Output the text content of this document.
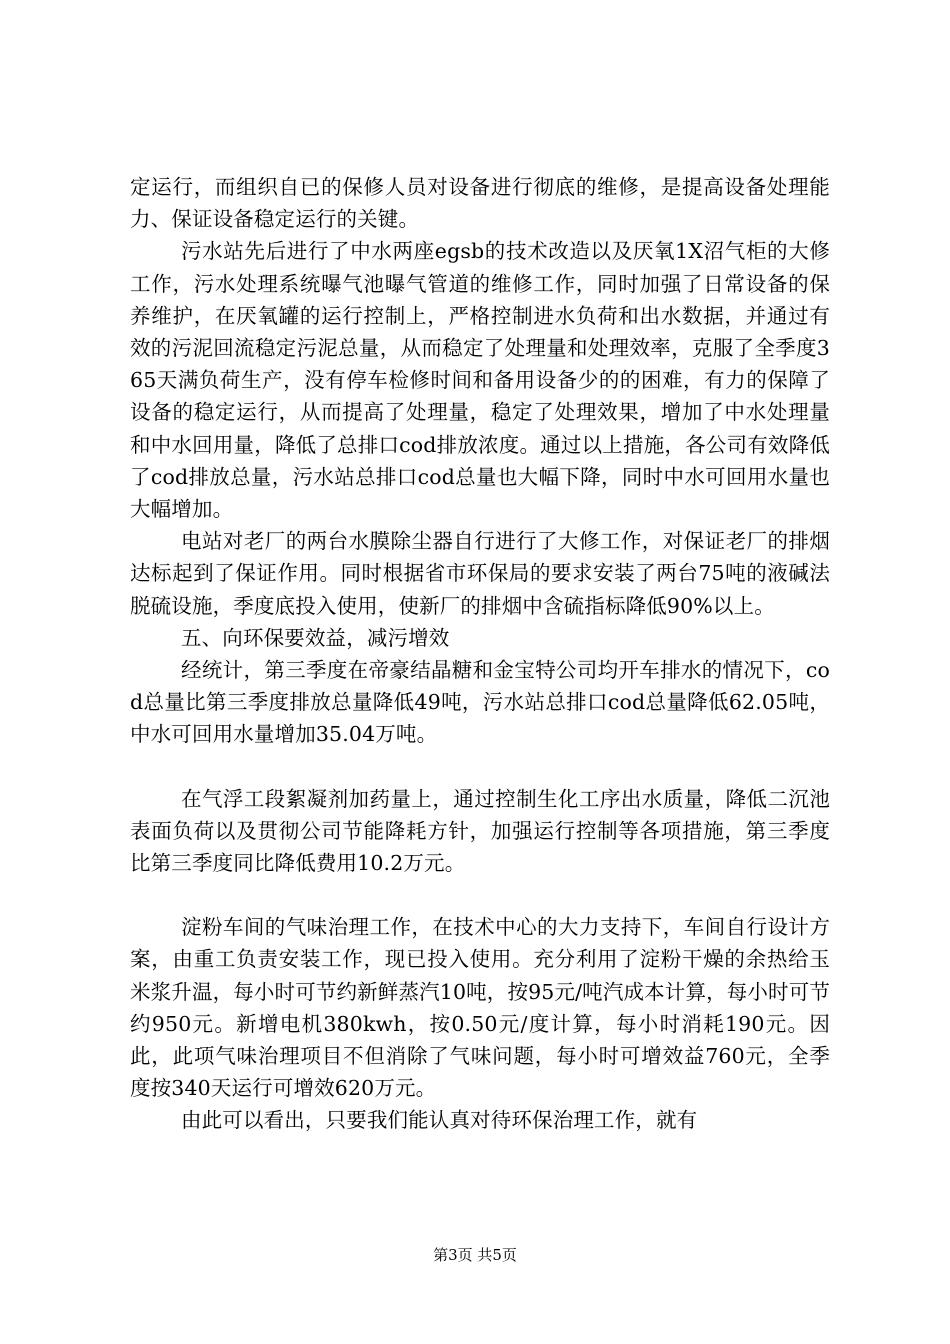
定运行，而组织自已的保修人员对设备进行彻底的维修，是提高设备处理能力、保证设备稳定运行的关键。

污水站先后进行了中水两座egsb的技术改造以及厌氧1X沼气柜的大修工作，污水处理系统曝气池曝气管道的维修工作，同时加强了日常设备的保养维护，在厌氧罐的运行控制上，严格控制进水负荷和出水数据，并通过有效的污泥回流稳定污泥总量，从而稳定了处理量和处理效率，克服了全季度365天满负荷生产，没有停车检修时间和备用设备少的的困难，有力的保障了设备的稳定运行，从而提高了处理量，稳定了处理效果，增加了中水处理量和中水回用量，降低了总排口cod排放浓度。通过以上措施，各公司有效降低了cod排放总量，污水站总排口cod总量也大幅下降，同时中水可回用水量也大幅增加。

电站对老厂的两台水膜除尘器自行进行了大修工作，对保证老厂的排烟达标起到了保证作用。同时根据省市环保局的要求安装了两台75吨的液碱法脱硫设施，季度底投入使用，使新厂的排烟中含硫指标降低90%以上。

五、向环保要效益，减污增效

经统计，第三季度在帝豪结晶糖和金宝特公司均开车排水的情况下，cod总量比第三季度排放总量降低49吨，污水站总排口cod总量降低62.05吨，中水可回用水量增加35.04万吨。

在气浮工段絮凝剂加药量上，通过控制生化工序出水质量，降低二沉池表面负荷以及贯彻公司节能降耗方针，加强运行控制等各项措施，第三季度比第三季度同比降低费用10.2万元。

淀粉车间的气味治理工作，在技术中心的大力支持下，车间自行设计方案，由重工负责安装工作，现已投入使用。充分利用了淀粉干燥的余热给玉米浆升温，每小时可节约新鲜蒸汽10吨，按95元/吨汽成本计算，每小时可节约950元。新增电机380kwh，按0.50元/度计算，每小时消耗190元。因此，此项气味治理项目不但消除了气味问题，每小时可增效益760元，全季度按340天运行可增效620万元。

由此可以看出，只要我们能认真对待环保治理工作，就有

第3页 共5页
